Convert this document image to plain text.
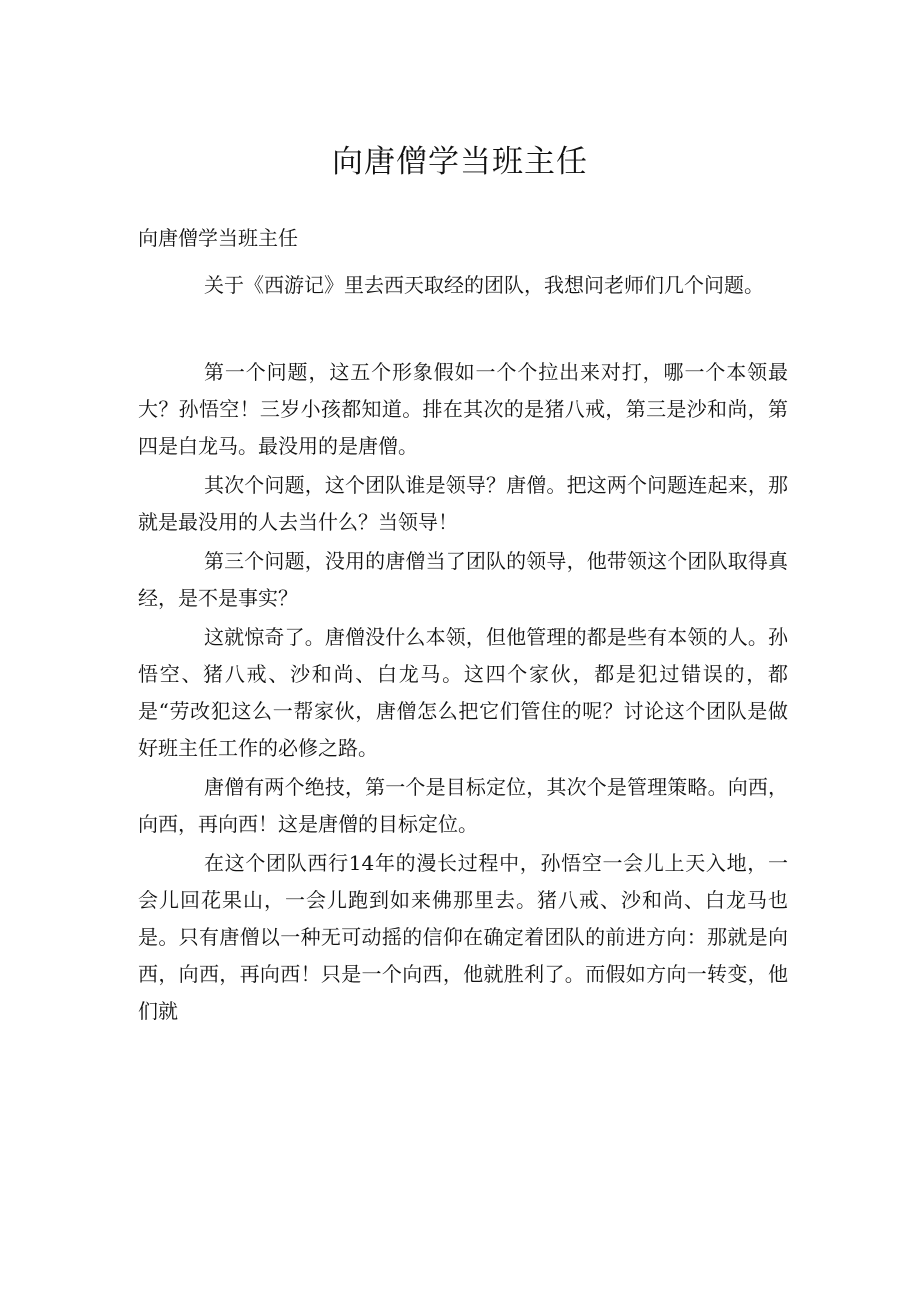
向唐僧学当班主任
向唐僧学当班主任

关于《西游记》里去西天取经的团队，我想问老师们几个问题。

第一个问题，这五个形象假如一个个拉出来对打，哪一个本领最大？孙悟空！三岁小孩都知道。排在其次的是猪八戒，第三是沙和尚，第四是白龙马。最没用的是唐僧。

其次个问题，这个团队谁是领导？唐僧。把这两个问题连起来，那就是最没用的人去当什么？当领导！

第三个问题，没用的唐僧当了团队的领导，他带领这个团队取得真经，是不是事实？

这就惊奇了。唐僧没什么本领，但他管理的都是些有本领的人。孙悟空、猪八戒、沙和尚、白龙马。这四个家伙，都是犯过错误的，都是“劳改犯这么一帮家伙，唐僧怎么把它们管住的呢？讨论这个团队是做好班主任工作的必修之路。

唐僧有两个绝技，第一个是目标定位，其次个是管理策略。向西，向西，再向西！这是唐僧的目标定位。

在这个团队西行14年的漫长过程中，孙悟空一会儿上天入地，一会儿回花果山，一会儿跑到如来佛那里去。猪八戒、沙和尚、白龙马也是。只有唐僧以一种无可动摇的信仰在确定着团队的前进方向：那就是向西，向西，再向西！只是一个向西，他就胜利了。而假如方向一转变，他们就
